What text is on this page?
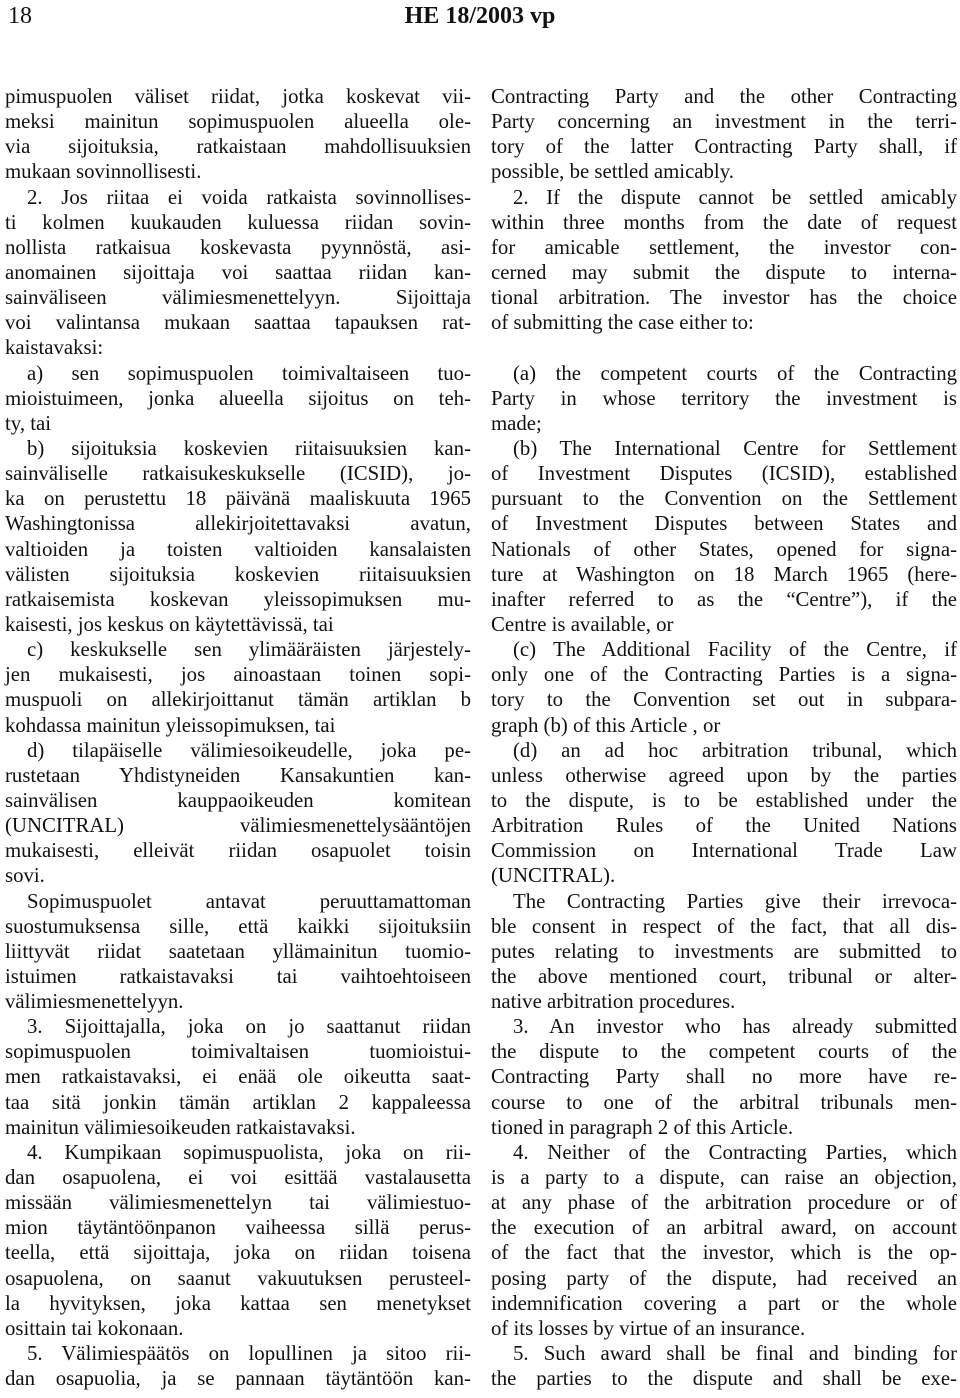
18	HE 18/2003 vp
pimuspuolen väliset riidat, jotka koskevat vii-
meksi mainitun sopimuspuolen alueella ole-
via sijoituksia, ratkaistaan mahdollisuuksien
mukaan sovinnollisesti.
2. Jos riitaa ei voida ratkaista sovinnollises-
ti kolmen kuukauden kuluessa riidan sovin-
nollista ratkaisua koskevasta pyynnöstä, asi-
anomainen sijoittaja voi saattaa riidan kan-
sainväliseen välimiesmenettelyyn. Sijoittaja
voi valintansa mukaan saattaa tapauksen rat-
kaistavaksi:
a) sen sopimuspuolen toimivaltaiseen tuo-
mioistuimeen, jonka alueella sijoitus on teh-
ty, tai
b) sijoituksia koskevien riitaisuuksien kan-
sainväliselle ratkaisukeskukselle (ICSID), jo-
ka on perustettu 18 päivänä maaliskuuta 1965
Washingtonissa allekirjoitettavaksi avatun,
valtioiden ja toisten valtioiden kansalaisten
välisten sijoituksia koskevien riitaisuuksien
ratkaisemista koskevan yleissopimuksen mu-
kaisesti, jos keskus on käytettävissä, tai
c) keskukselle sen ylimääräisten järjestely-
jen mukaisesti, jos ainoastaan toinen sopi-
muspuoli on allekirjoittanut tämän artiklan b
kohdassa mainitun yleissopimuksen, tai
d) tilapäiselle välimiesoikeudelle, joka pe-
rustetaan Yhdistyneiden Kansakuntien kan-
sainvälisen kauppaoikeuden komitean
(UNCITRAL) välimiesmenettelysääntöjen
mukaisesti, elleivät riidan osapuolet toisin
sovi.
Sopimuspuolet antavat peruuttamattoman
suostumuksensa sille, että kaikki sijoituksiin
liittyvät riidat saatetaan yllämainitun tuomio-
istuimen ratkaistavaksi tai vaihtoehtoiseen
välimiesmenettelyyn.
3. Sijoittajalla, joka on jo saattanut riidan
sopimuspuolen toimivaltaisen tuomioistui-
men ratkaistavaksi, ei enää ole oikeutta saat-
taa sitä jonkin tämän artiklan 2 kappaleessa
mainitun välimiesoikeuden ratkaistavaksi.
4. Kumpikaan sopimuspuolista, joka on rii-
dan osapuolena, ei voi esittää vastalausetta
missään välimiesmenettelyn tai välimiestuo-
mion täytäntöönpanon vaiheessa sillä perus-
teella, että sijoittaja, joka on riidan toisena
osapuolena, on saanut vakuutuksen perusteel-
la hyvityksen, joka kattaa sen menetykset
osittain tai kokonaan.
5. Välimiespäätös on lopullinen ja sitoo rii-
dan osapuolia, ja se pannaan täytäntöön kan-
Contracting Party and the other Contracting
Party concerning an investment in the terri-
tory of the latter Contracting Party shall, if
possible, be settled amicably.
2. If the dispute cannot be settled amicably
within three months from the date of request
for amicable settlement, the investor con-
cerned may submit the dispute to interna-
tional arbitration. The investor has the choice
of submitting the case either to:
(a) the competent courts of the Contracting
Party in whose territory the investment is
made;
(b) The International Centre for Settlement
of Investment Disputes (ICSID), established
pursuant to the Convention on the Settlement
of Investment Disputes between States and
Nationals of other States, opened for signa-
ture at Washington on 18 March 1965 (here-
inafter referred to as the “Centre”), if the
Centre is available, or
(c) The Additional Facility of the Centre, if
only one of the Contracting Parties is a signa-
tory to the Convention set out in subpara-
graph (b) of this Article , or
(d) an ad hoc arbitration tribunal, which
unless otherwise agreed upon by the parties
to the dispute, is to be established under the
Arbitration Rules of the United Nations
Commission on International Trade Law
(UNCITRAL).
The Contracting Parties give their irrevoca-
ble consent in respect of the fact, that all dis-
putes relating to investments are submitted to
the above mentioned court, tribunal or alter-
native arbitration procedures.
3. An investor who has already submitted
the dispute to the competent courts of the
Contracting Party shall no more have re-
course to one of the arbitral tribunals men-
tioned in paragraph 2 of this Article.
4. Neither of the Contracting Parties, which
is a party to a dispute, can raise an objection,
at any phase of the arbitration procedure or of
the execution of an arbitral award, on account
of the fact that the investor, which is the op-
posing party of the dispute, had received an
indemnification covering a part or the whole
of its losses by virtue of an insurance.
5. Such award shall be final and binding for
the parties to the dispute and shall be exe-
